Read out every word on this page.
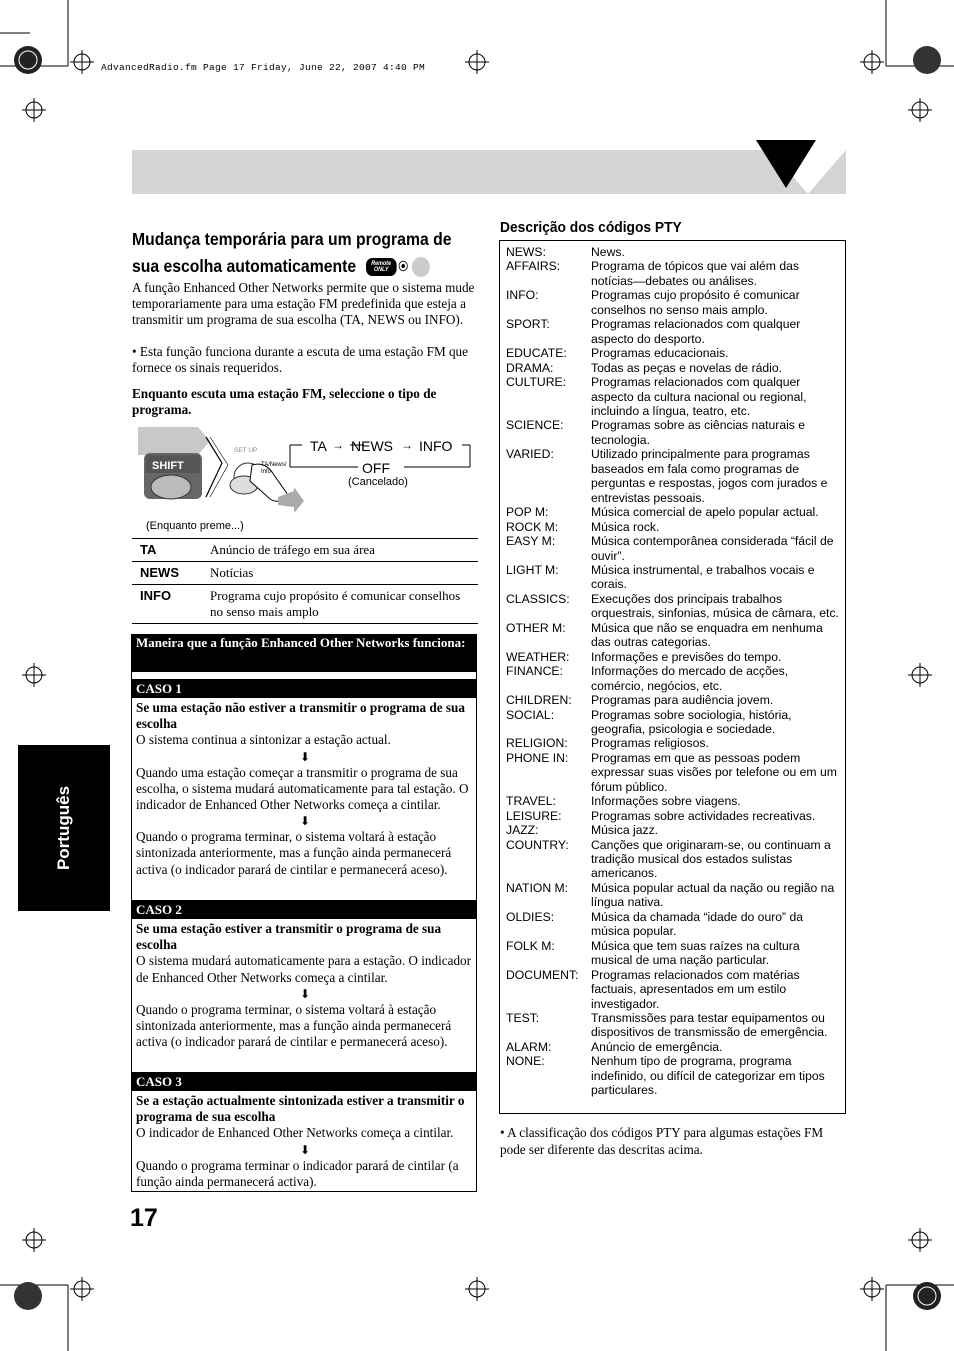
AdvancedRadio.fm Page 17 Friday, June 22, 2007 4:40 PM
Português
Mudança temporária para um programa de
sua escolha automaticamente	Remote
ONLY ⦿
A função Enhanced Other Networks permite que o sistema mude temporariamente para uma estação FM predefinida que esteja a transmitir um programa de sua escolha (TA, NEWS ou INFO).
• Esta função funciona durante a escuta de uma estação FM que fornece os sinais requeridos.
Enquanto escuta uma estação FM, seleccione o tipo de programa.
SHIFT
SET UP
TA/News/ Info
TA → NEWS → INFO
OFF
(Cancelado)
(Enquanto preme...)
TA	Anúncio de tráfego em sua área
NEWS	Notícias
INFO	Programa cujo propósito é comunicar conselhos no senso mais amplo
Maneira que a função Enhanced Other Networks funciona:
CASO 1
Se uma estação não estiver a transmitir o programa de sua escolha
O sistema continua a sintonizar a estação actual.
⬇
Quando uma estação começar a transmitir o programa de sua escolha, o sistema mudará automaticamente para tal estação. O indicador de Enhanced Other Networks começa a cintilar.
⬇
Quando o programa terminar, o sistema voltará à estação sintonizada anteriormente, mas a função ainda permanecerá activa (o indicador parará de cintilar e permanecerá aceso).
CASO 2
Se uma estação estiver a transmitir o programa de sua escolha
O sistema mudará automaticamente para a estação. O indicador de Enhanced Other Networks começa a cintilar.
⬇
Quando o programa terminar, o sistema voltará à estação sintonizada anteriormente, mas a função ainda permanecerá activa (o indicador parará de cintilar e permanecerá aceso).
CASO 3
Se a estação actualmente sintonizada estiver a transmitir o programa de sua escolha
O indicador de Enhanced Other Networks começa a cintilar.
⬇
Quando o programa terminar o indicador parará de cintilar (a função ainda permanecerá activa).
17
Descrição dos códigos PTY
NEWS:	News.
AFFAIRS:	Programa de tópicos que vai além das notícias—debates ou análises.
INFO:	Programas cujo propósito é comunicar conselhos no senso mais amplo.
SPORT:	Programas relacionados com qualquer aspecto do desporto.
EDUCATE:	Programas educacionais.
DRAMA:	Todas as peças e novelas de rádio.
CULTURE:	Programas relacionados com qualquer aspecto da cultura nacional ou regional, incluindo a língua, teatro, etc.
SCIENCE:	Programas sobre as ciências naturais e tecnologia.
VARIED:	Utilizado principalmente para programas baseados em fala como programas de perguntas e respostas, jogos com jurados e entrevistas pessoais.
POP M:	Música comercial de apelo popular actual.
ROCK M:	Música rock.
EASY M:	Música contemporânea considerada “fácil de ouvir”.
LIGHT M:	Música instrumental, e trabalhos vocais e corais.
CLASSICS:	Execuções dos principais trabalhos orquestrais, sinfonias, música de câmara, etc.
OTHER M:	Música que não se enquadra em nenhuma das outras categorias.
WEATHER:	Informações e previsões do tempo.
FINANCE:	Informações do mercado de acções, comércio, negócios, etc.
CHILDREN:	Programas para audiência jovem.
SOCIAL:	Programas sobre sociologia, história, geografia, psicologia e sociedade.
RELIGION:	Programas religiosos.
PHONE IN:	Programas em que as pessoas podem expressar suas visões por telefone ou em um fórum público.
TRAVEL:	Informações sobre viagens.
LEISURE:	Programas sobre actividades recreativas.
JAZZ:	Música jazz.
COUNTRY:	Canções que originaram-se, ou continuam a tradição musical dos estados sulistas americanos.
NATION M:	Música popular actual da nação ou região na língua nativa.
OLDIES:	Música da chamada “idade do ouro” da música popular.
FOLK M:	Música que tem suas raízes na cultura musical de uma nação particular.
DOCUMENT:	Programas relacionados com matérias factuais, apresentados em um estilo investigador.
TEST:	Transmissões para testar equipamentos ou dispositivos de transmissão de emergência.
ALARM:	Anúncio de emergência.
NONE:	Nenhum tipo de programa, programa indefinido, ou difícil de categorizar em tipos particulares.
• A classificação dos códigos PTY para algumas estações FM pode ser diferente das descritas acima.
